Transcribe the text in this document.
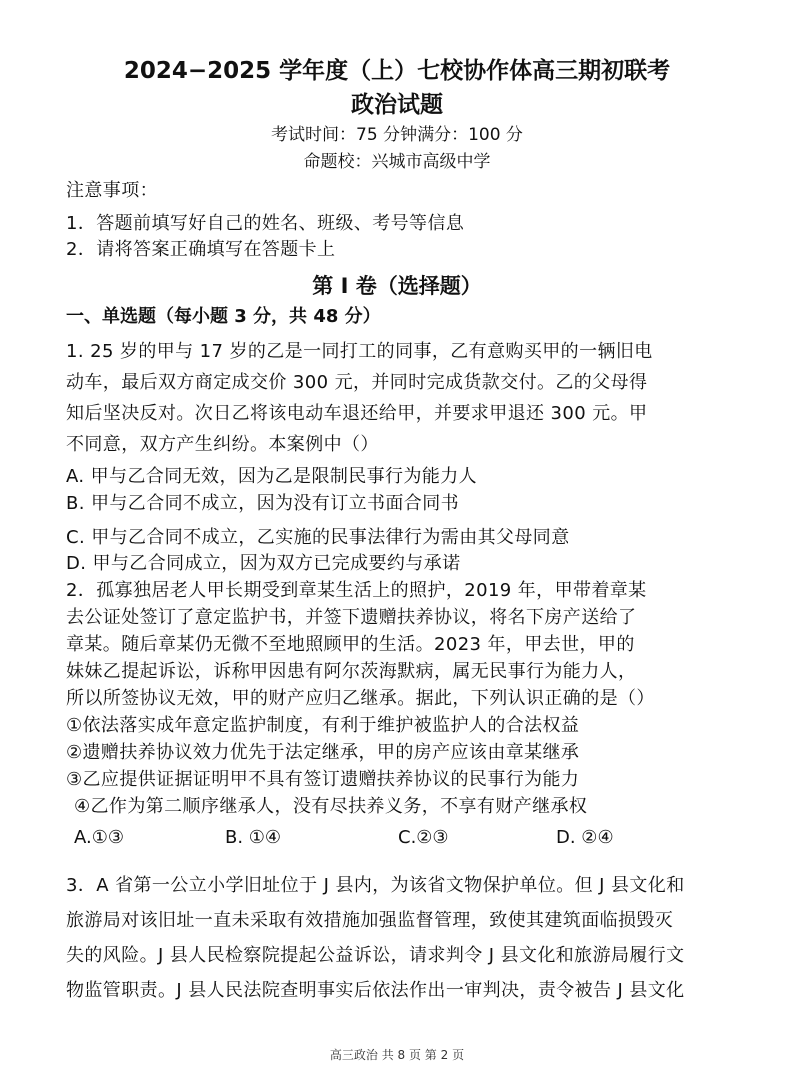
2024−2025 学年度（上）七校协作体高三期初联考
政治试题
考试时间：75 分钟满分：100 分
命题校：兴城市高级中学
注意事项：
1．答题前填写好自己的姓名、班级、考号等信息
2．请将答案正确填写在答题卡上
第 I 卷（选择题）
一、单选题（每小题 3 分，共 48 分）
1. 25 岁的甲与 17 岁的乙是一同打工的同事，乙有意购买甲的一辆旧电
动车，最后双方商定成交价 300 元，并同时完成货款交付。乙的父母得
知后坚决反对。次日乙将该电动车退还给甲，并要求甲退还 300 元。甲
不同意，双方产生纠纷。本案例中（）
A. 甲与乙合同无效，因为乙是限制民事行为能力人
B. 甲与乙合同不成立，因为没有订立书面合同书
C. 甲与乙合同不成立，乙实施的民事法律行为需由其父母同意
D. 甲与乙合同成立，因为双方已完成要约与承诺
2．孤寡独居老人甲长期受到章某生活上的照护，2019 年，甲带着章某
去公证处签订了意定监护书，并签下遗赠扶养协议，将名下房产送给了
章某。随后章某仍无微不至地照顾甲的生活。2023 年，甲去世，甲的
妹妹乙提起诉讼，诉称甲因患有阿尔茨海默病，属无民事行为能力人，
所以所签协议无效，甲的财产应归乙继承。据此，下列认识正确的是（）
①依法落实成年意定监护制度，有利于维护被监护人的合法权益
②遗赠扶养协议效力优先于法定继承，甲的房产应该由章某继承
③乙应提供证据证明甲不具有签订遗赠扶养协议的民事行为能力
④乙作为第二顺序继承人，没有尽扶养义务，不享有财产继承权
A.①③	B. ①④	C.②③	D. ②④
3．A 省第一公立小学旧址位于 J 县内，为该省文物保护单位。但 J 县文化和
旅游局对该旧址一直未采取有效措施加强监督管理，致使其建筑面临损毁灭
失的风险。J 县人民检察院提起公益诉讼，请求判令 J 县文化和旅游局履行文
物监管职责。J 县人民法院查明事实后依法作出一审判决，责令被告 J 县文化
高三政治 共 8 页 第 2 页
